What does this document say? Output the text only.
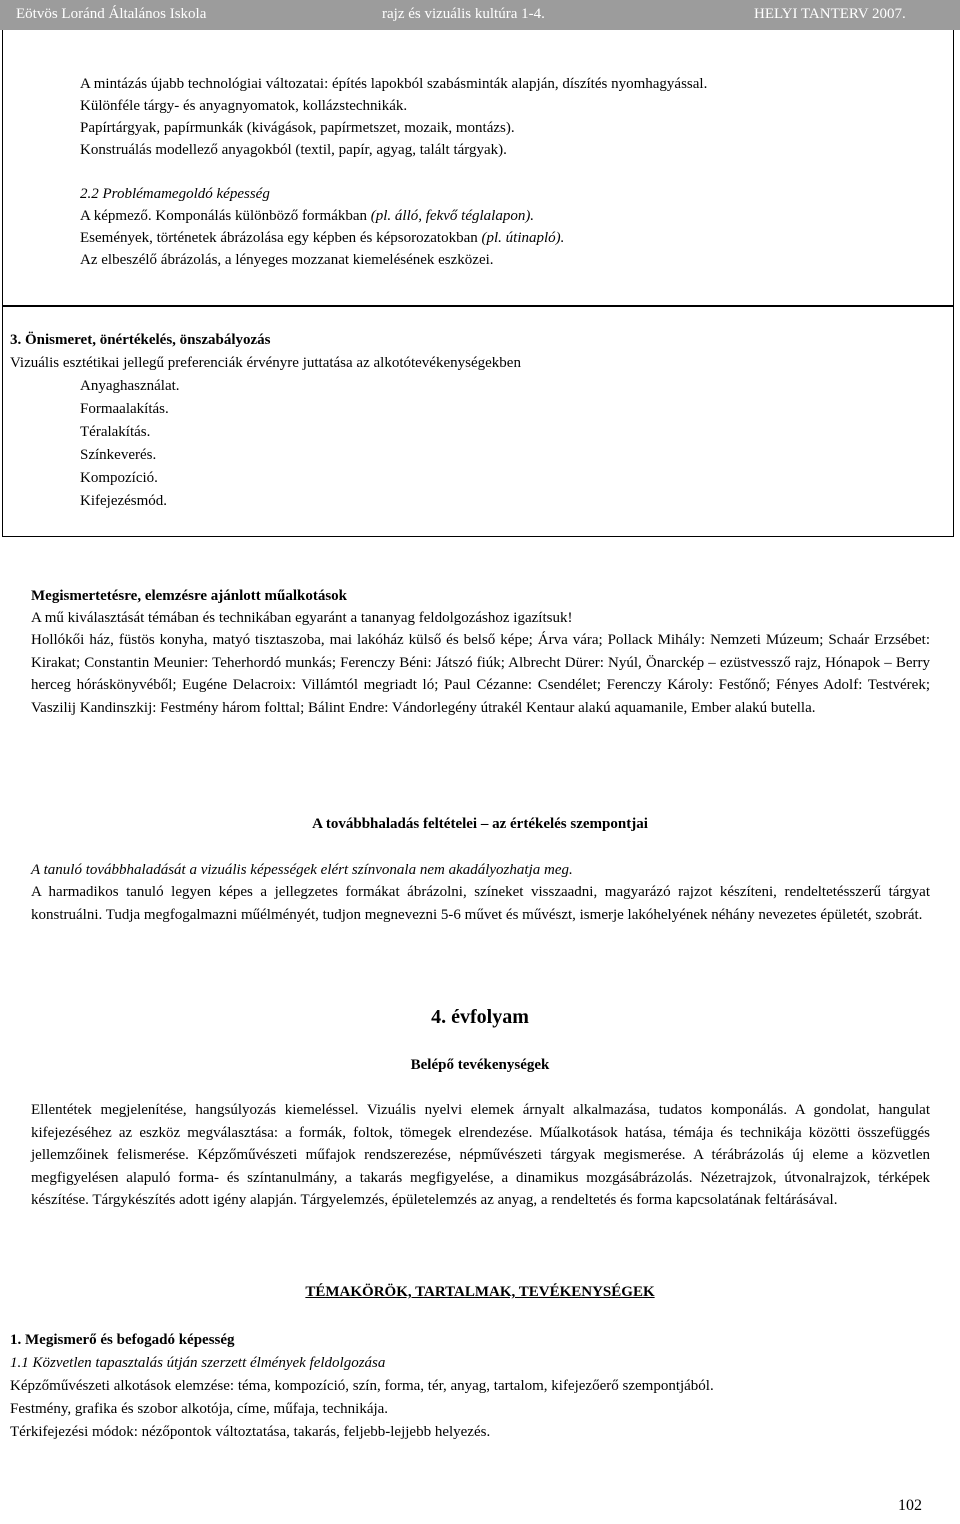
Eötvös Loránd Általános Iskola	rajz és vizuális kultúra 1-4.	HELYI TANTERV 2007.
A mintázás újabb technológiai változatai: építés lapokból szabásminták alapján, díszítés nyomhagyással.
Különféle tárgy- és anyagnyomatok, kollázstechnikák.
Papírtárgyak, papírmunkák (kivágások, papírmetszet, mozaik, montázs).
Konstruálás modellező anyagokból (textil, papír, agyag, talált tárgyak).
2.2 Problémamegoldó képesség
A képmező. Komponálás különböző formákban (pl. álló, fekvő téglalapon).
Események, történetek ábrázolása egy képben és képsorozatokban (pl. útinapló).
Az elbeszélő ábrázolás, a lényeges mozzanat kiemelésének eszközei.
3. Önismeret, önértékelés, önszabályozás
Vizuális esztétikai jellegű preferenciák érvényre juttatása az alkotótevékenységekben
Anyaghasználat.
Formaalakítás.
Téralakítás.
Színkeverés.
Kompozíció.
Kifejezésmód.
Megismertetésre, elemzésre ajánlott műalkotások
A mű kiválasztását témában és technikában egyaránt a tananyag feldolgozáshoz igazítsuk!
Hollókői ház, füstös konyha, matyó tisztaszoba, mai lakóház külső és belső képe; Árva vára; Pollack Mihály: Nemzeti Múzeum; Schaár Erzsébet: Kirakat; Constantin Meunier: Teherhordó munkás; Ferenczy Béni: Játszó fiúk; Albrecht Dürer: Nyúl, Önarckép – ezüstvessző rajz, Hónapok – Berry herceg hóráskönyvéből; Eugéne Delacroix: Villámtól megriadt ló; Paul Cézanne: Csendélet; Ferenczy Károly: Festőnő; Fényes Adolf: Testvérek; Vaszilij Kandinszkij: Festmény három folttal; Bálint Endre: Vándorlegény útrakél Kentaur alakú aquamanile, Ember alakú butella.
A továbbhaladás feltételei – az értékelés szempontjai
A tanuló továbbhaladását a vizuális képességek elért színvonala nem akadályozhatja meg.
A harmadikos tanuló legyen képes a jellegzetes formákat ábrázolni, színeket visszaadni, magyarázó rajzot készíteni, rendeltetésszerű tárgyat konstruálni. Tudja megfogalmazni műélményét, tudjon megnevezni 5-6 művet és művészt, ismerje lakóhelyének néhány nevezetes épületét, szobrát.
4. évfolyam
Belépő tevékenységek
Ellentétek megjelenítése, hangsúlyozás kiemeléssel. Vizuális nyelvi elemek árnyalt alkalmazása, tudatos komponálás. A gondolat, hangulat kifejezéséhez az eszköz megválasztása: a formák, foltok, tömegek elrendezése. Műalkotások hatása, témája és technikája közötti összefüggés jellemzőinek felismerése. Képzőművészeti műfajok rendszerezése, népművészeti tárgyak megismerése. A térábrázolás új eleme a közvetlen megfigyelésen alapuló forma- és színtanulmány, a takarás megfigyelése, a dinamikus mozgásábrázolás. Nézetrajzok, útvonalrajzok, térképek készítése. Tárgykészítés adott igény alapján. Tárgyelemzés, épületelemzés az anyag, a rendeltetés és forma kapcsolatának feltárásával.
TÉMAKÖRÖK, TARTALMAK, TEVÉKENYSÉGEK
1. Megismerő és befogadó képesség
1.1 Közvetlen tapasztalás útján szerzett élmények feldolgozása
Képzőművészeti alkotások elemzése: téma, kompozíció, szín, forma, tér, anyag, tartalom, kifejezőerő szempontjából.
Festmény, grafika és szobor alkotója, címe, műfaja, technikája.
Térkifejezési módok: nézőpontok változtatása, takarás, feljebb-lejjebb helyezés.
102
